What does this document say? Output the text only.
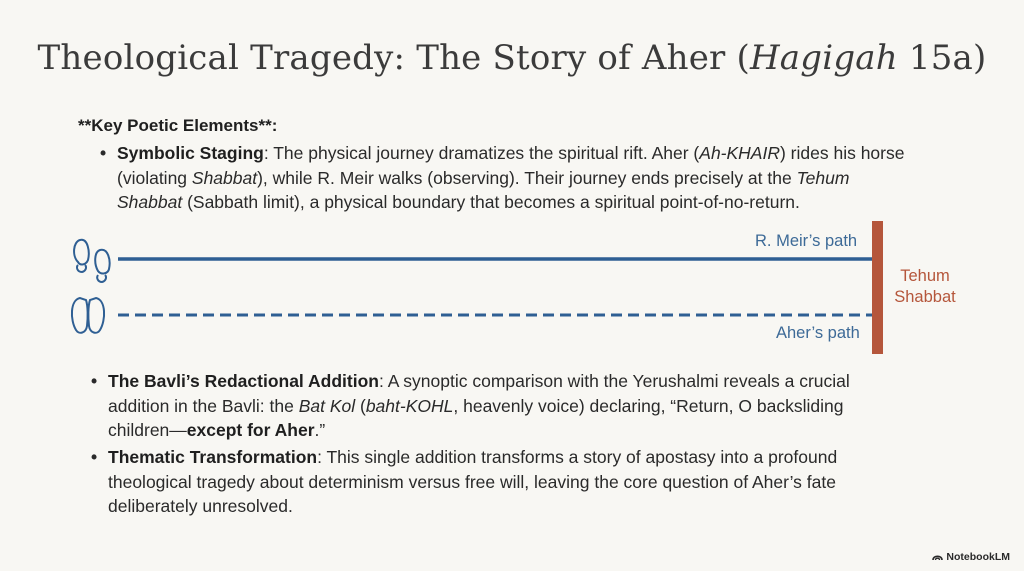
Theological Tragedy: The Story of Aher (Hagigah 15a)
**Key Poetic Elements**:
• Symbolic Staging: The physical journey dramatizes the spiritual rift. Aher (Ah-KHAIR) rides his horse (violating Shabbat), while R. Meir walks (observing). Their journey ends precisely at the Tehum Shabbat (Sabbath limit), a physical boundary that becomes a spiritual point-of-no-return.
R. Meir’s path
Aher’s path
Tehum
Shabbat
• The Bavli’s Redactional Addition: A synoptic comparison with the Yerushalmi reveals a crucial addition in the Bavli: the Bat Kol (baht-KOHL, heavenly voice) declaring, “Return, O backsliding children—except for Aher.”
• Thematic Transformation: This single addition transforms a story of apostasy into a profound theological tragedy about determinism versus free will, leaving the core question of Aher’s fate deliberately unresolved.
NotebookLM
